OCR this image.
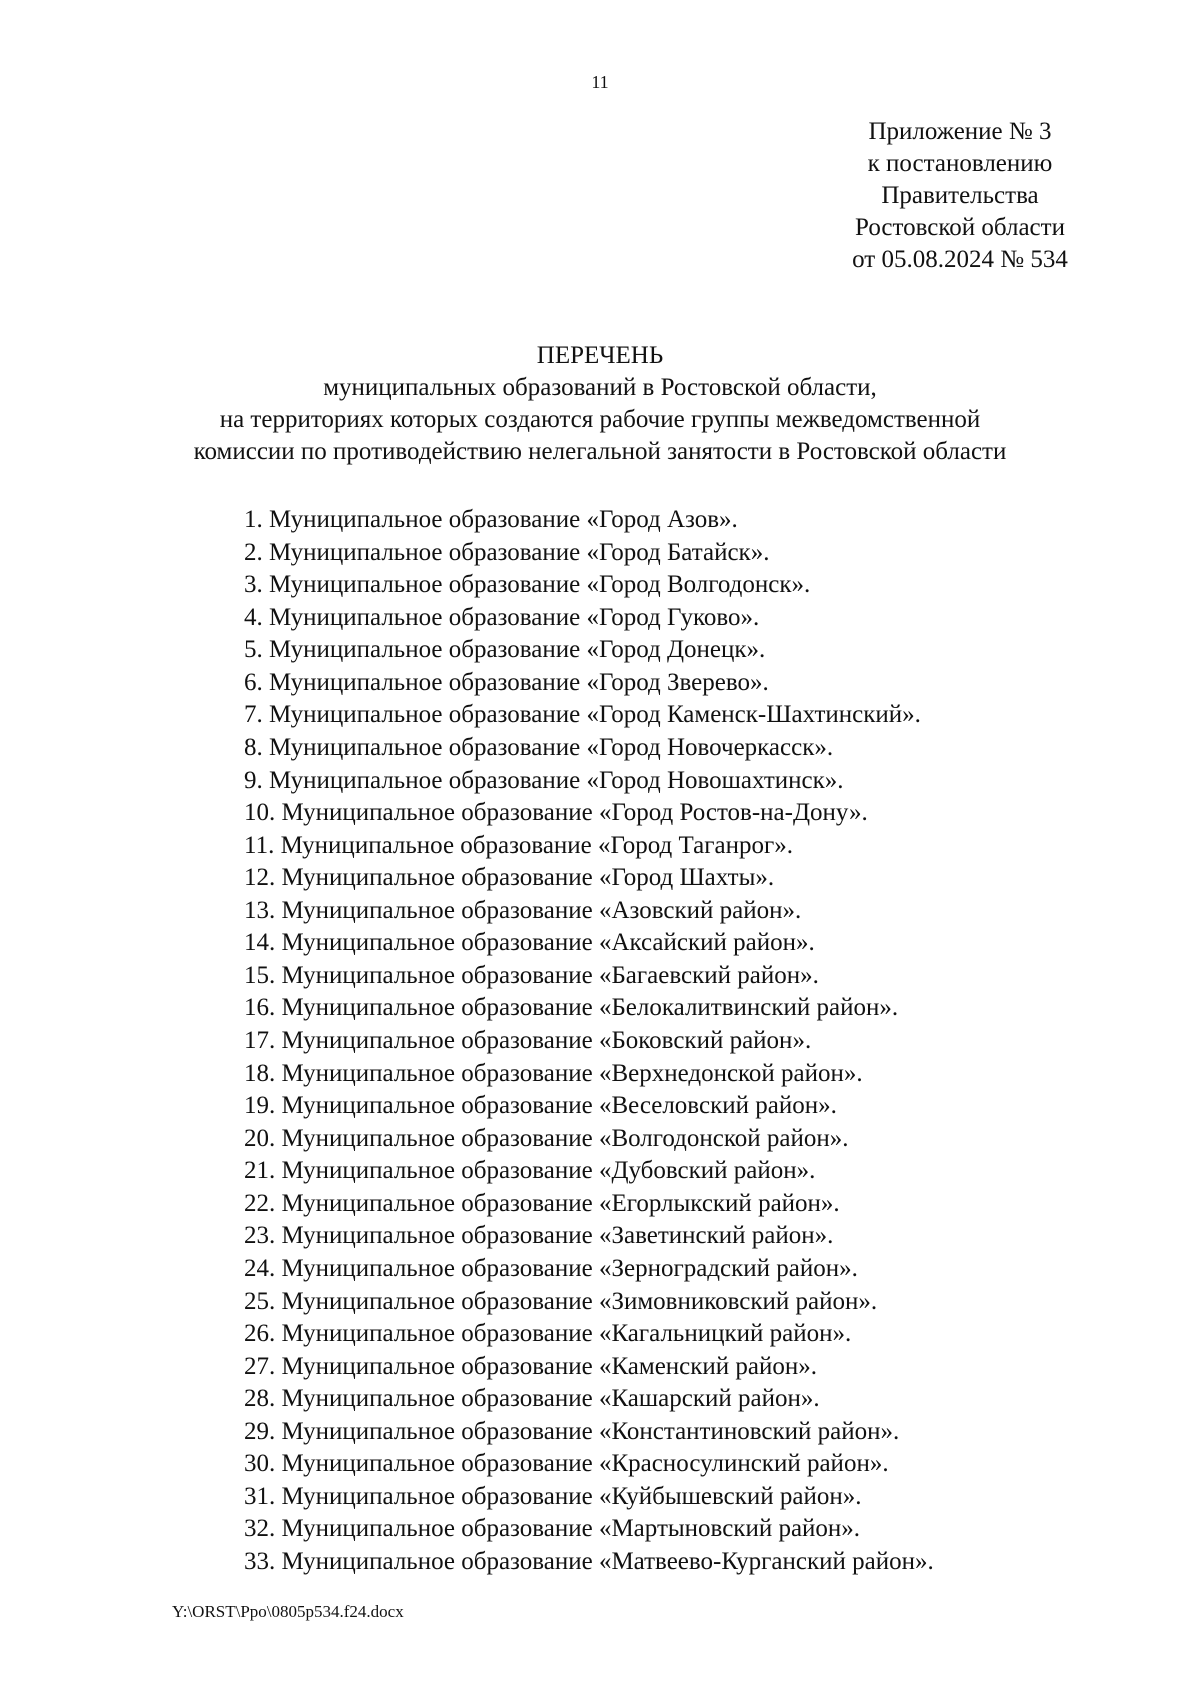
11
Приложение № 3
к постановлению
Правительства
Ростовской области
от 05.08.2024 № 534
ПЕРЕЧЕНЬ
муниципальных образований в Ростовской области,
на территориях которых создаются рабочие группы межведомственной
комиссии по противодействию нелегальной занятости в Ростовской области
1. Муниципальное образование «Город Азов».
2. Муниципальное образование «Город Батайск».
3. Муниципальное образование «Город Волгодонск».
4. Муниципальное образование «Город Гуково».
5. Муниципальное образование «Город Донецк».
6. Муниципальное образование «Город Зверево».
7. Муниципальное образование «Город Каменск-Шахтинский».
8. Муниципальное образование «Город Новочеркасск».
9. Муниципальное образование «Город Новошахтинск».
10. Муниципальное образование «Город Ростов-на-Дону».
11. Муниципальное образование «Город Таганрог».
12. Муниципальное образование «Город Шахты».
13. Муниципальное образование «Азовский район».
14. Муниципальное образование «Аксайский район».
15. Муниципальное образование «Багаевский район».
16. Муниципальное образование «Белокалитвинский район».
17. Муниципальное образование «Боковский район».
18. Муниципальное образование «Верхнедонской район».
19. Муниципальное образование «Веселовский район».
20. Муниципальное образование «Волгодонской район».
21. Муниципальное образование «Дубовский район».
22. Муниципальное образование «Егорлыкский район».
23. Муниципальное образование «Заветинский район».
24. Муниципальное образование «Зерноградский район».
25. Муниципальное образование «Зимовниковский район».
26. Муниципальное образование «Кагальницкий район».
27. Муниципальное образование «Каменский район».
28. Муниципальное образование «Кашарский район».
29. Муниципальное образование «Константиновский район».
30. Муниципальное образование «Красносулинский район».
31. Муниципальное образование «Куйбышевский район».
32. Муниципальное образование «Мартыновский район».
33. Муниципальное образование «Матвеево-Курганский район».
Y:\ORST\Ppo\0805p534.f24.docx
